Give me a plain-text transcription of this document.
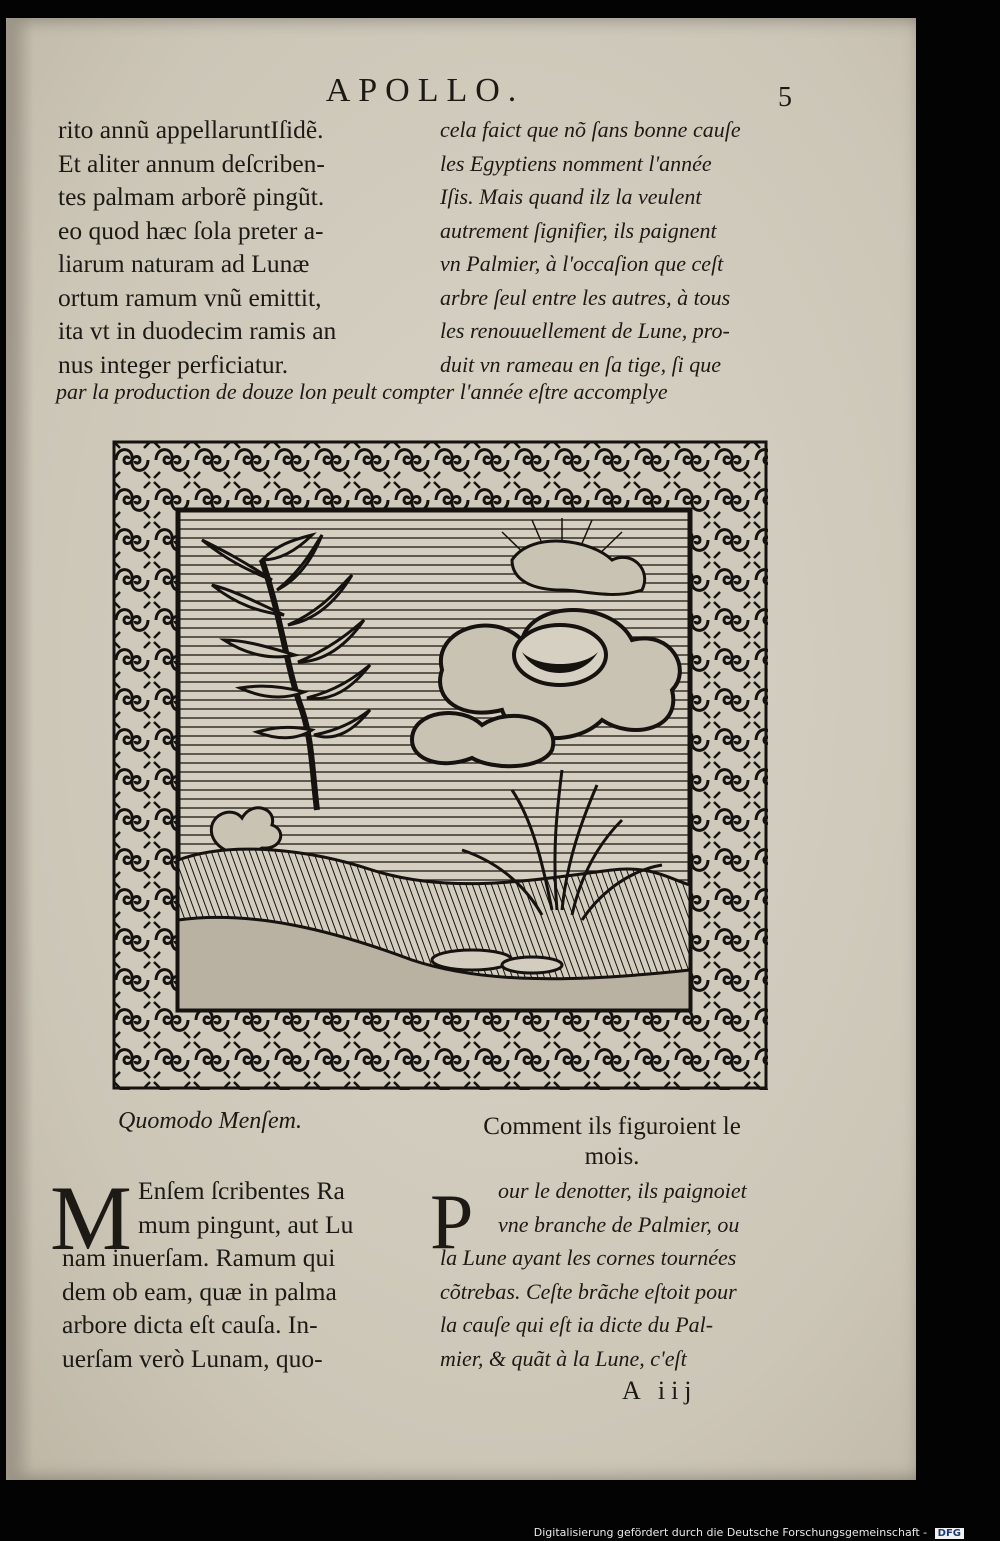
APOLLO.	5
rito annũ appellaruntIſidẽ.
Et aliter annum deſcriben-
tes palmam arborẽ pingũt.
eo quod hæc ſola preter a-
liarum naturam ad Lunæ
ortum ramum vnũ emittit,
ita vt in duodecim ramis an
nus integer perficiatur.
cela faict que nõ ſans bonne cauſe
les Egyptiens nomment l'année
Iſis. Mais quand ilz la veulent
autrement ſignifier, ils paignent
vn Palmier, à l'occaſion que ceſt
arbre ſeul entre les autres, à tous
les renouuellement de Lune, pro-
duit vn rameau en ſa tige, ſi que
par la production de douze lon peult compter l'année eſtre accomplye
Quomodo Menſem.	Comment ils figuroient le
mois.
M Enſem ſcribentes Ra
mum pingunt, aut Lu
nam inuerſam. Ramum qui
dem ob eam, quæ in palma
arbore dicta eſt cauſa. In-
uerſam verò Lunam, quo-
P	our le denotter, ils paignoiet
vne branche de Palmier, ou
la Lune ayant les cornes tournées
cõtrebas. Ceſte brãche eſtoit pour
la cauſe qui eſt ia dicte du Pal-
mier, & quãt à la Lune, c'eſt
A iij
Digitalisierung gefördert durch die Deutsche Forschungsgemeinschaft - DFG
